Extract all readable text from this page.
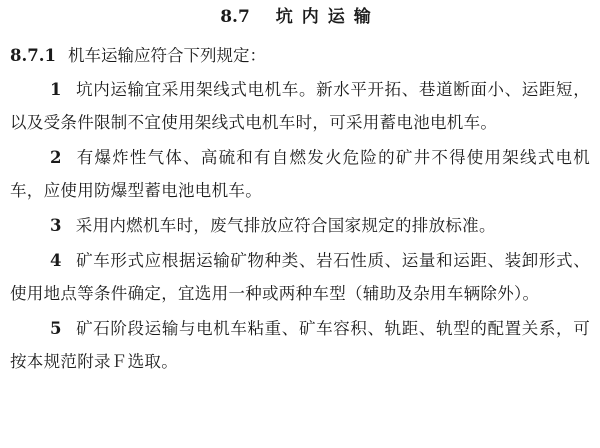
8.7 坑内运输
8.7.1 机车运输应符合下列规定：

1 坑内运输宜采用架线式电机车。新水平开拓、巷道断面小、运距短，以及受条件限制不宜使用架线式电机车时，可采用蓄电池电机车。

2 有爆炸性气体、高硫和有自燃发火危险的矿井不得使用架线式电机车，应使用防爆型蓄电池电机车。

3 采用内燃机车时，废气排放应符合国家规定的排放标准。

4 矿车形式应根据运输矿物种类、岩石性质、运量和运距、装卸形式、使用地点等条件确定，宜选用一种或两种车型（辅助及杂用车辆除外）。

5 矿石阶段运输与电机车粘重、矿车容积、轨距、轨型的配置关系，可按本规范附录Ｆ选取。
